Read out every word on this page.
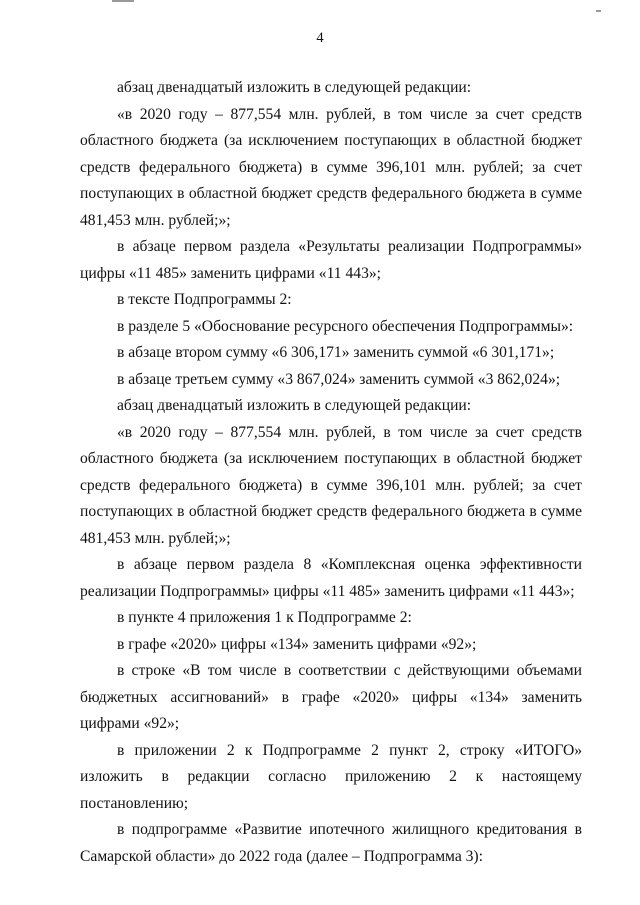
4

абзац двенадцатый изложить в следующей редакции:

«в 2020 году – 877,554 млн. рублей, в том числе за счет средств областного бюджета (за исключением поступающих в областной бюджет средств федерального бюджета) в сумме 396,101 млн. рублей; за счет поступающих в областной бюджет средств федерального бюджета в сумме 481,453 млн. рублей;»;

в абзаце первом раздела «Результаты реализации Подпрограммы» цифры «11 485» заменить цифрами «11 443»;

в тексте Подпрограммы 2:

в разделе 5 «Обоснование ресурсного обеспечения Подпрограммы»:

в абзаце втором сумму «6 306,171» заменить суммой «6 301,171»;

в абзаце третьем сумму «3 867,024» заменить суммой «3 862,024»;

абзац двенадцатый изложить в следующей редакции:

«в 2020 году – 877,554 млн. рублей, в том числе за счет средств областного бюджета (за исключением поступающих в областной бюджет средств федерального бюджета) в сумме 396,101 млн. рублей; за счет поступающих в областной бюджет средств федерального бюджета в сумме 481,453 млн. рублей;»;

в абзаце первом раздела 8 «Комплексная оценка эффективности реализации Подпрограммы» цифры «11 485» заменить цифрами «11 443»;

в пункте 4 приложения 1 к Подпрограмме 2:

в графе «2020» цифры «134» заменить цифрами «92»;

в строке «В том числе в соответствии с действующими объемами бюджетных ассигнований» в графе «2020» цифры «134» заменить цифрами «92»;

в приложении 2 к Подпрограмме 2 пункт 2, строку «ИТОГО» изложить в редакции согласно приложению 2 к настоящему постановлению;

в подпрограмме «Развитие ипотечного жилищного кредитования в Самарской области» до 2022 года (далее – Подпрограмма 3):
